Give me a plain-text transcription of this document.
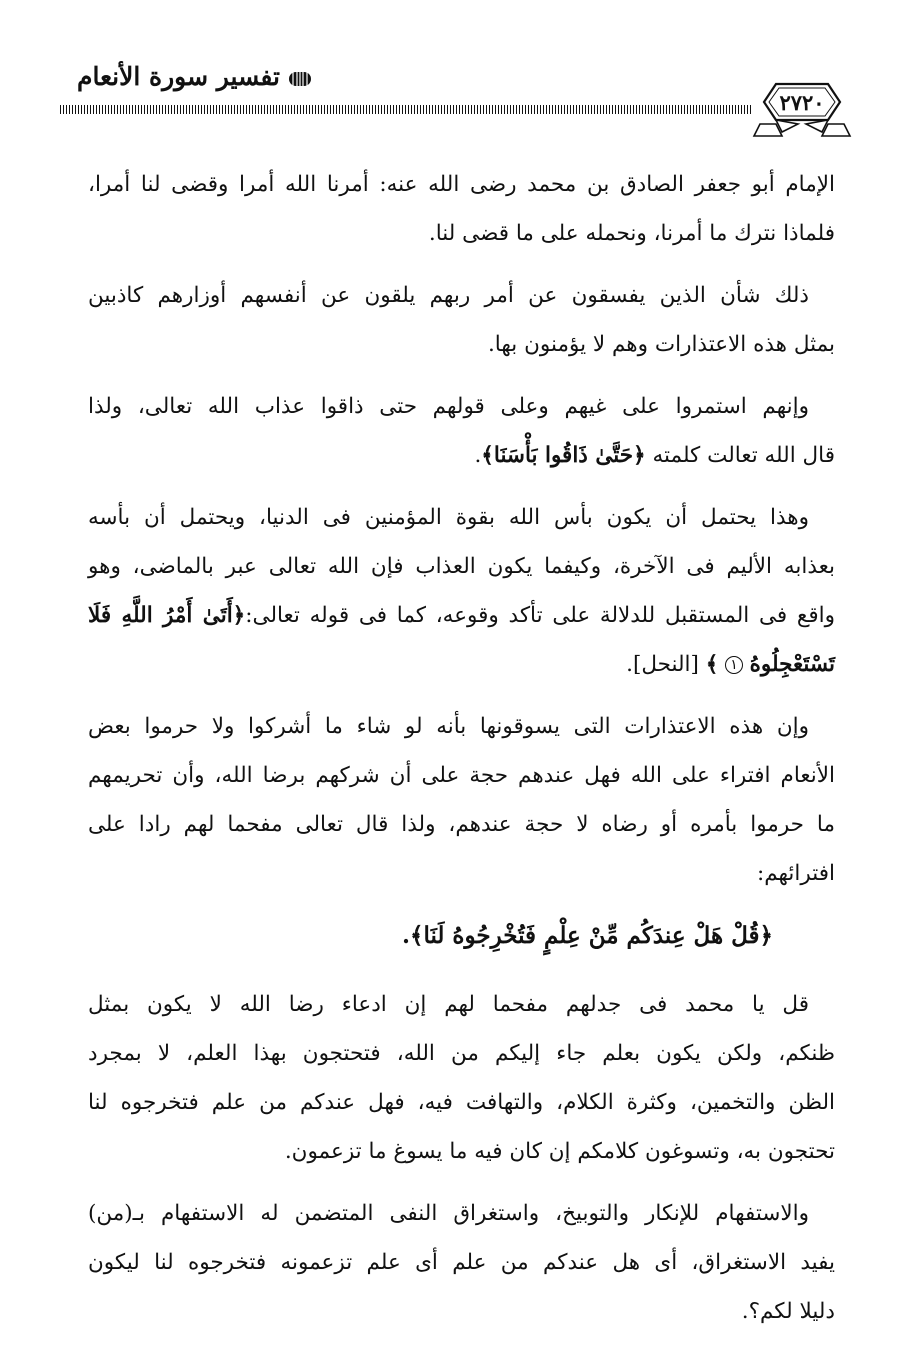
تفسير سورة الأنعام
٢٧٢٠

الإمام أبو جعفر الصادق بن محمد رضى الله عنه: أمرنا الله أمرا وقضى لنا أمرا،
فلماذا نترك ما أمرنا، ونحمله على ما قضى لنا.

ذلك شأن الذين يفسقون عن أمر ربهم يلقون عن أنفسهم أوزارهم كاذبين
بمثل هذه الاعتذارات وهم لا يؤمنون بها.

وإنهم استمروا على غيهم وعلى قولهم حتى ذاقوا عذاب الله تعالى، ولذا
قال الله تعالت كلمته ﴿حَتَّىٰ ذَاقُوا بَأْسَنَا﴾.

وهذا يحتمل أن يكون بأس الله بقوة المؤمنين فى الدنيا، ويحتمل أن بأسه
بعذابه الأليم فى الآخرة، وكيفما يكون العذاب فإن الله تعالى عبر بالماضى، وهو
واقع فى المستقبل للدلالة على تأكد وقوعه، كما فى قوله تعالى:﴿أَتَىٰ أَمْرُ اللَّهِ فَلَا
تَسْتَعْجِلُوهُ ١ ﴾ [النحل].

وإن هذه الاعتذارات التى يسوقونها بأنه لو شاء ما أشركوا ولا حرموا بعض
الأنعام افتراء على الله فهل عندهم حجة على أن شركهم برضا الله، وأن تحريمهم
ما حرموا بأمره أو رضاه لا حجة عندهم، ولذا قال تعالى مفحما لهم رادا على
افترائهم:

﴿قُلْ هَلْ عِندَكُم مِّنْ عِلْمٍ فَتُخْرِجُوهُ لَنَا﴾.

قل يا محمد فى جدلهم مفحما لهم إن ادعاء رضا الله لا يكون بمثل
ظنكم، ولكن يكون بعلم جاء إليكم من الله، فتحتجون بهذا العلم، لا بمجرد
الظن والتخمين، وكثرة الكلام، والتهافت فيه، فهل عندكم من علم فتخرجوه لنا
تحتجون به، وتسوغون كلامكم إن كان فيه ما يسوغ ما تزعمون.

والاستفهام للإنكار والتوبيخ، واستغراق النفى المتضمن له الاستفهام بـ(من)
يفيد الاستغراق، أى هل عندكم من علم أى علم تزعمونه فتخرجوه لنا ليكون
دليلا لكم؟.
